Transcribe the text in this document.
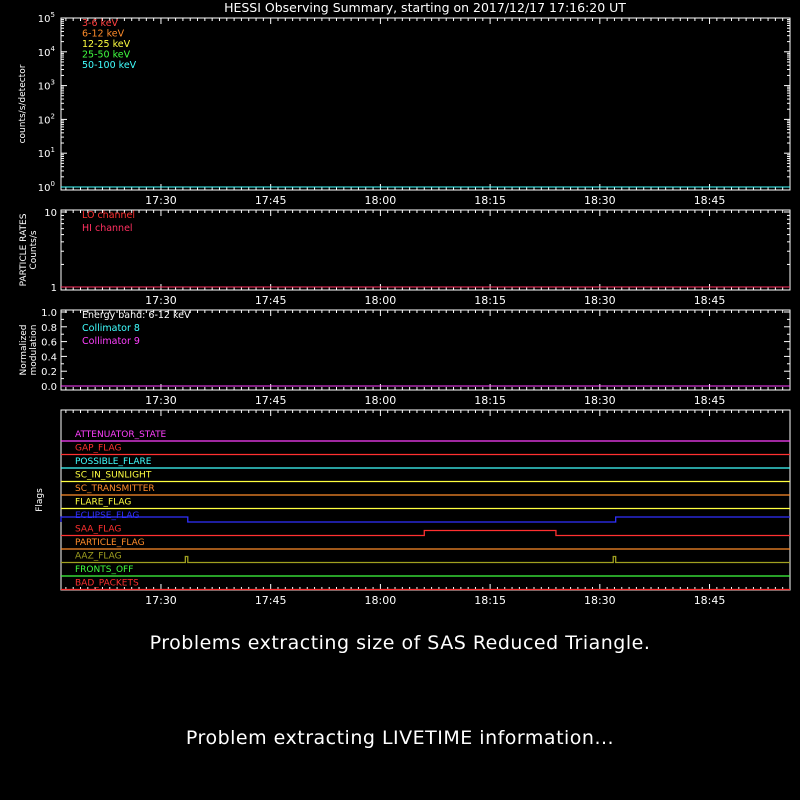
HESSI Observing Summary, starting on 2017/12/17 17:16:20 UT
17:30	17:45	18:00	18:15	18:30	18:45
$10^5$
$10^4$
$10^3$
$10^2$
$10^1$
$10^0$
counts/s/detector
3-6 keV
6-12 keV
12-25 keV
25-50 keV
50-100 keV
17:30	17:45	18:00	18:15	18:30	18:45
10
1
PARTICLE RATES Counts/s
LO channel
HI channel
17:30	17:45	18:00	18:15	18:30	18:45
1.0
0.8
0.6
0.4
0.2
0.0
Normalized modulation
Energy band: 6-12 keV
Collimator 8
Collimator 9
17:30	17:45	18:00	18:15	18:30	18:45
Flags
ATTENUATOR_STATE
GAP_FLAG
POSSIBLE_FLARE
SC_IN_SUNLIGHT
SC_TRANSMITTER
FLARE_FLAG
ECLIPSE_FLAG
SAA_FLAG
PARTICLE_FLAG
AAZ_FLAG
FRONTS_OFF
BAD_PACKETS
Problems extracting size of SAS Reduced Triangle.
Problem extracting LIVETIME information...
